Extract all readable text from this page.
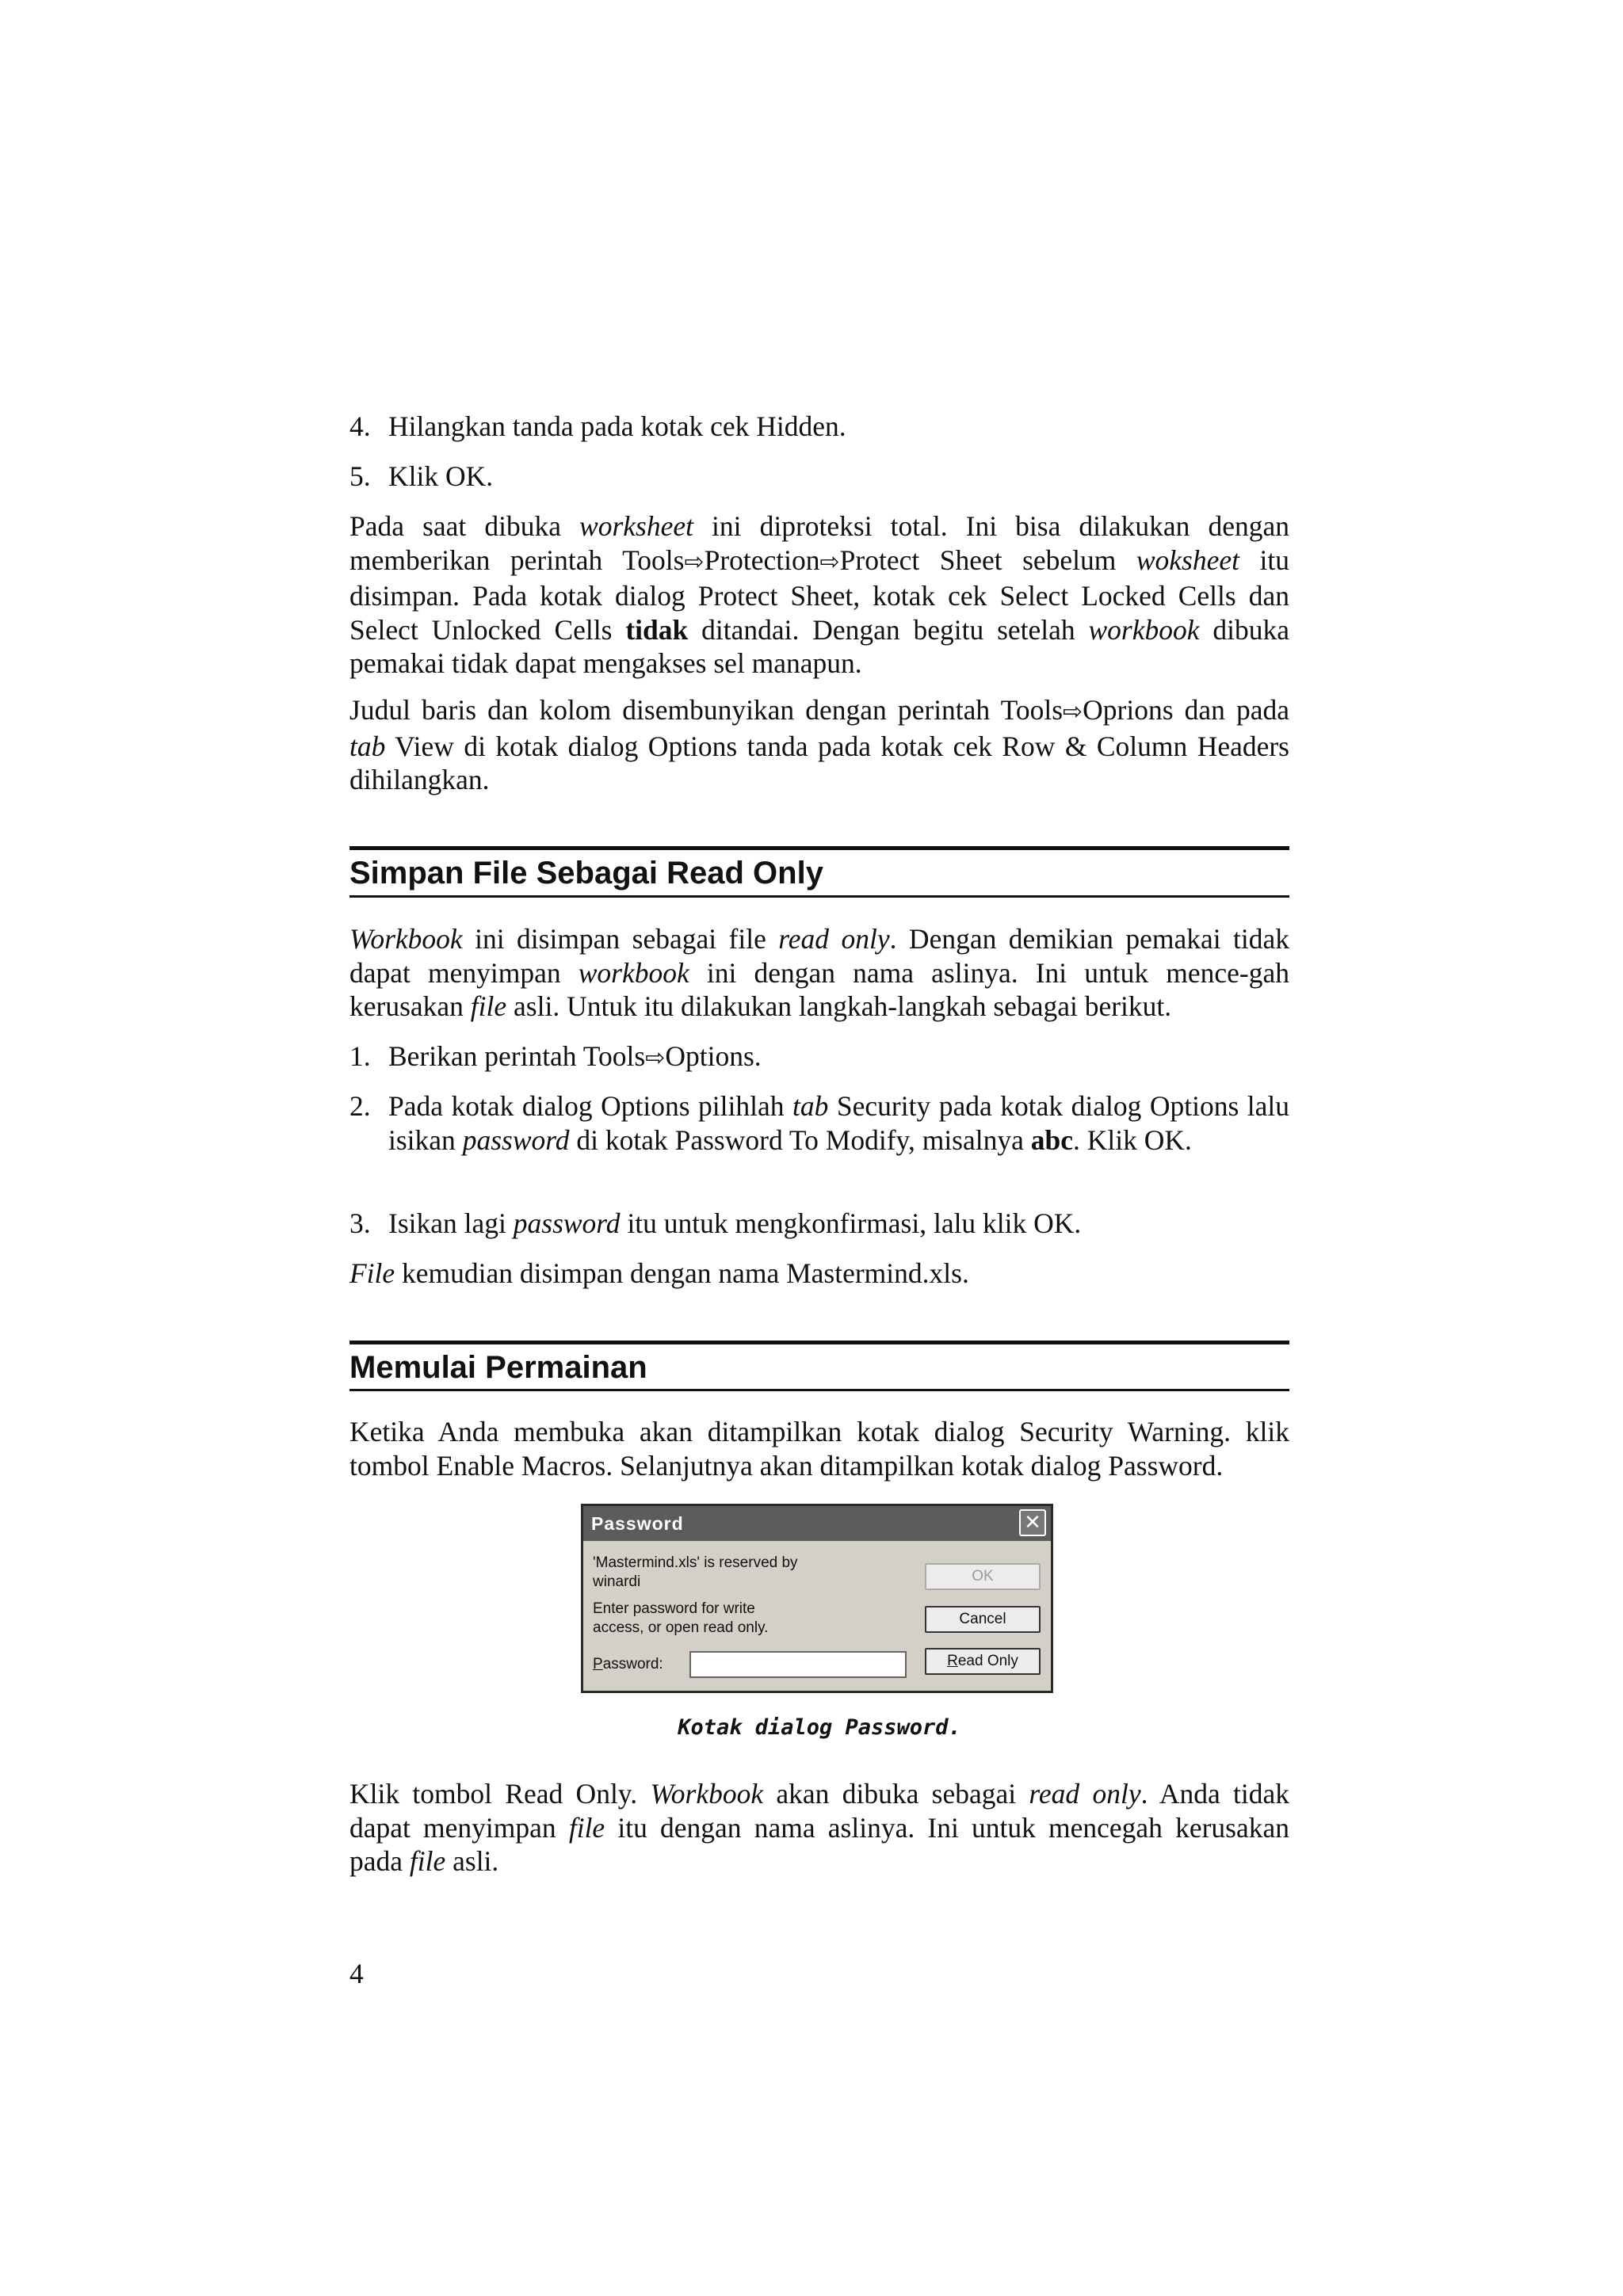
4. Hilangkan tanda pada kotak cek Hidden.
5. Klik OK.
Pada saat dibuka worksheet ini diproteksi total. Ini bisa dilakukan dengan memberikan perintah Tools⇨Protection⇨Protect Sheet sebelum woksheet itu disimpan. Pada kotak dialog Protect Sheet, kotak cek Select Locked Cells dan Select Unlocked Cells tidak ditandai. Dengan begitu setelah workbook dibuka pemakai tidak dapat mengakses sel manapun.
Judul baris dan kolom disembunyikan dengan perintah Tools⇨Oprions dan pada tab View di kotak dialog Options tanda pada kotak cek Row & Column Headers dihilangkan.
Simpan File Sebagai Read Only
Workbook ini disimpan sebagai file read only. Dengan demikian pemakai tidak dapat menyimpan workbook ini dengan nama aslinya. Ini untuk mence-gah kerusakan file asli. Untuk itu dilakukan langkah-langkah sebagai berikut.
1. Berikan perintah Tools⇨Options.
2. Pada kotak dialog Options pilihlah tab Security pada kotak dialog Options lalu isikan password di kotak Password To Modify, misalnya abc. Klik OK.
3. Isikan lagi password itu untuk mengkonfirmasi, lalu klik OK.
File kemudian disimpan dengan nama Mastermind.xls.
Memulai Permainan
Ketika Anda membuka akan ditampilkan kotak dialog Security Warning. klik tombol Enable Macros. Selanjutnya akan ditampilkan kotak dialog Password.
Password	✕
'Mastermind.xls' is reserved by
winardi
Enter password for write
access, or open read only.
Password:
OK
Cancel
Read Only
Kotak dialog Password.
Klik tombol Read Only. Workbook akan dibuka sebagai read only. Anda tidak dapat menyimpan file itu dengan nama aslinya. Ini untuk mencegah kerusakan pada file asli.
4
